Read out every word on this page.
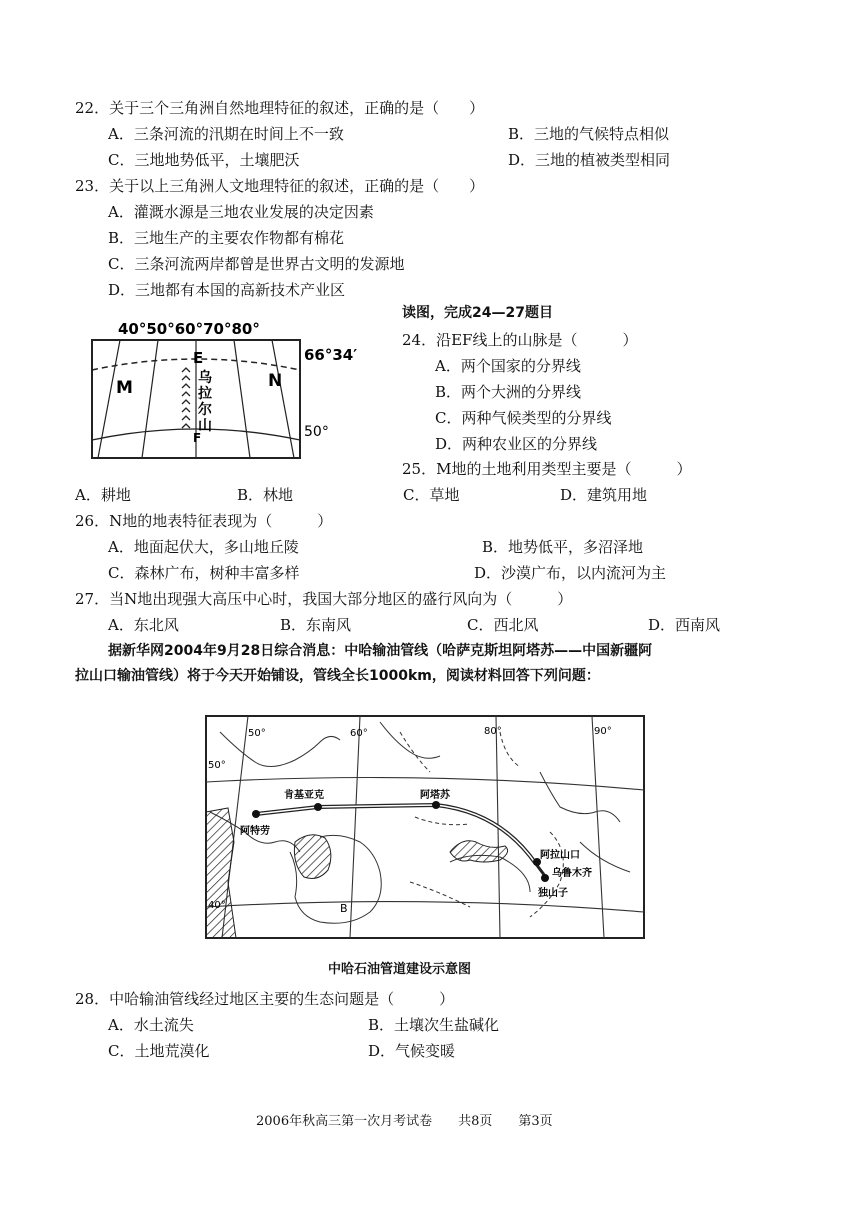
22．关于三个三角洲自然地理特征的叙述，正确的是（　　）
A．三条河流的汛期在时间上不一致	B．三地的气候特点相似
C．三地地势低平，土壤肥沃	D．三地的植被类型相同
23．关于以上三角洲人文地理特征的叙述，正确的是（　　）
A．灌溉水源是三地农业发展的决定因素
B．三地生产的主要农作物都有棉花
C．三条河流两岸都曾是世界古文明的发源地
D．三地都有本国的高新技术产业区
40°50°60°70°80°
M	N
E
F
乌
拉
尔
山
66°34′
50°
读图，完成24—27题目
24．沿EF线上的山脉是（　　　）
A．两个国家的分界线
B．两个大洲的分界线
C．两种气候类型的分界线
D．两种农业区的分界线
25．M地的土地利用类型主要是（　　　）
A．耕地	B．林地	C．草地	D．建筑用地
26．N地的地表特征表现为（　　　）
A．地面起伏大，多山地丘陵	B．地势低平，多沼泽地
C．森林广布，树种丰富多样	D．沙漠广布，以内流河为主
27．当N地出现强大高压中心时，我国大部分地区的盛行风向为（　　　）
A．东北风	B．东南风	C．西北风	D．西南风
据新华网2004年9月28日综合消息：中哈输油管线（哈萨克斯坦阿塔苏——中国新疆阿
拉山口输油管线）将于今天开始铺设，管线全长1000km，阅读材料回答下列问题：
50°	60°	80°	90°
50°
40°
阿特劳
肯基亚克	阿塔苏
阿拉山口
独山子
乌鲁木齐
B
中哈石油管道建设示意图
28．中哈输油管线经过地区主要的生态问题是（　　　）
A．水土流失	B．土壤次生盐碱化
C．土地荒漠化	D．气候变暖
2006年秋高三第一次月考试卷　　共8页　　第3页
